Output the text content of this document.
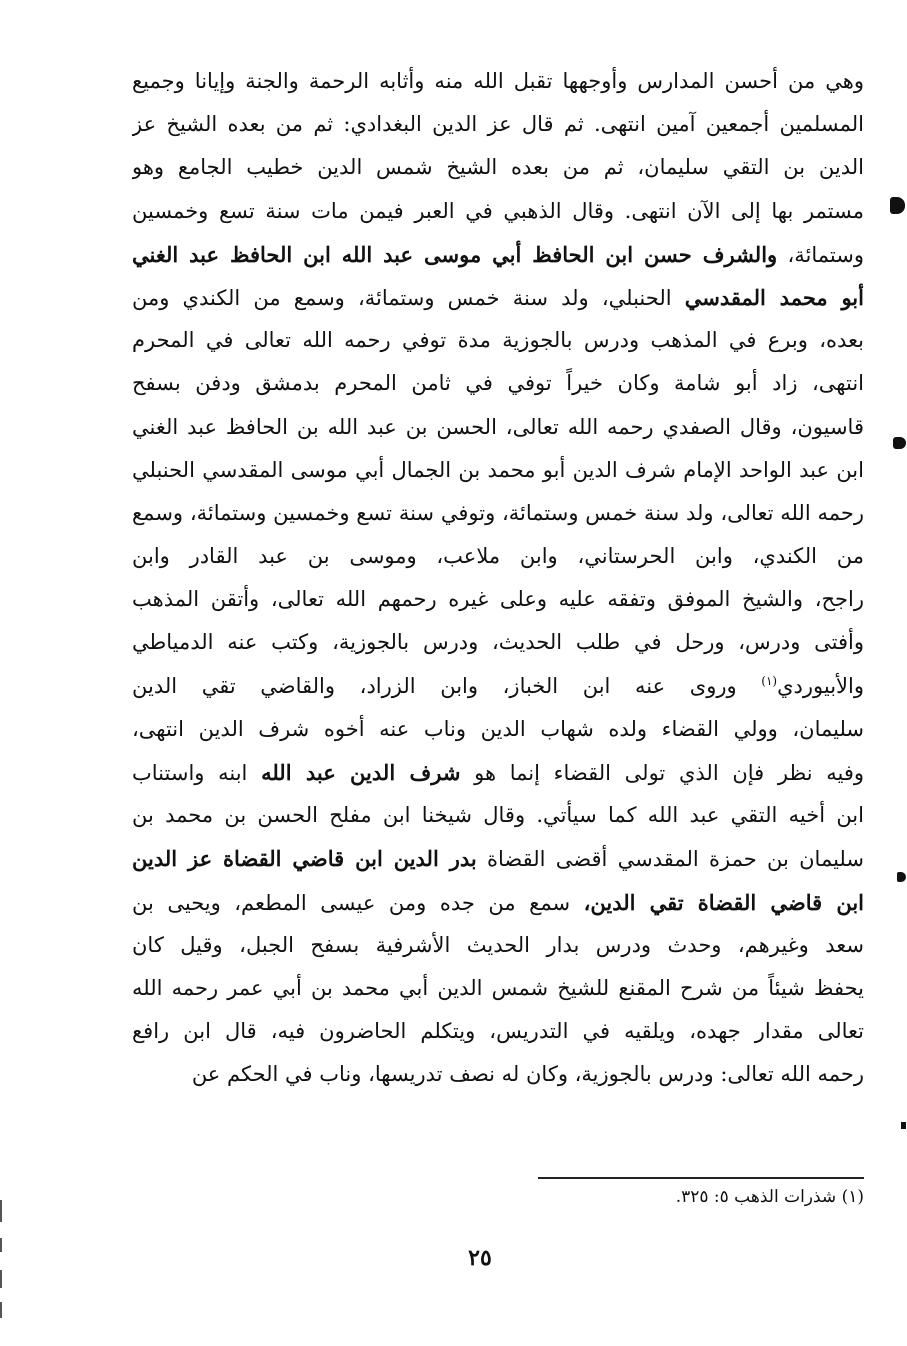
وهي من أحسن المدارس وأوجهها تقبل الله منه وأثابه الرحمة والجنة وإيانا وجميع
المسلمين أجمعين آمين انتهى. ثم قال عز الدين البغدادي: ثم من بعده الشيخ عز
الدين بن التقي سليمان، ثم من بعده الشيخ شمس الدين خطيب الجامع وهو
مستمر بها إلى الآن انتهى. وقال الذهبي في العبر فيمن مات سنة تسع وخمسين
وستمائة، والشرف حسن ابن الحافظ أبي موسى عبد الله ابن الحافظ عبد الغني
أبو محمد المقدسي الحنبلي، ولد سنة خمس وستمائة، وسمع من الكندي ومن
بعده، وبرع في المذهب ودرس بالجوزية مدة توفي رحمه الله تعالى في المحرم
انتهى، زاد أبو شامة وكان خيراً توفي في ثامن المحرم بدمشق ودفن بسفح
قاسيون، وقال الصفدي رحمه الله تعالى، الحسن بن عبد الله بن الحافظ عبد الغني
ابن عبد الواحد الإمام شرف الدين أبو محمد بن الجمال أبي موسى المقدسي الحنبلي
رحمه الله تعالى، ولد سنة خمس وستمائة، وتوفي سنة تسع وخمسين وستمائة، وسمع
من الكندي، وابن الحرستاني، وابن ملاعب، وموسى بن عبد القادر وابن
راجح، والشيخ الموفق وتفقه عليه وعلى غيره رحمهم الله تعالى، وأتقن المذهب
وأفتى ودرس، ورحل في طلب الحديث، ودرس بالجوزية، وكتب عنه الدمياطي
والأبيوردي$^{(١)}$ وروى عنه ابن الخباز، وابن الزراد، والقاضي تقي الدين
سليمان، وولي القضاء ولده شهاب الدين وناب عنه أخوه شرف الدين انتهى،
وفيه نظر فإن الذي تولى القضاء إنما هو شرف الدين عبد الله ابنه واستناب
ابن أخيه التقي عبد الله كما سيأتي. وقال شيخنا ابن مفلح الحسن بن محمد بن
سليمان بن حمزة المقدسي أقضى القضاة بدر الدين ابن قاضي القضاة عز الدين
ابن قاضي القضاة تقي الدين، سمع من جده ومن عيسى المطعم، ويحيى بن
سعد وغيرهم، وحدث ودرس بدار الحديث الأشرفية بسفح الجبل، وقيل كان
يحفظ شيئاً من شرح المقنع للشيخ شمس الدين أبي محمد بن أبي عمر رحمه الله
تعالى مقدار جهده، ويلقيه في التدريس، ويتكلم الحاضرون فيه، قال ابن رافع
رحمه الله تعالى: ودرس بالجوزية، وكان له نصف تدريسها، وناب في الحكم عن
(١) شذرات الذهب ٥: ٣٢٥.
٢٥
